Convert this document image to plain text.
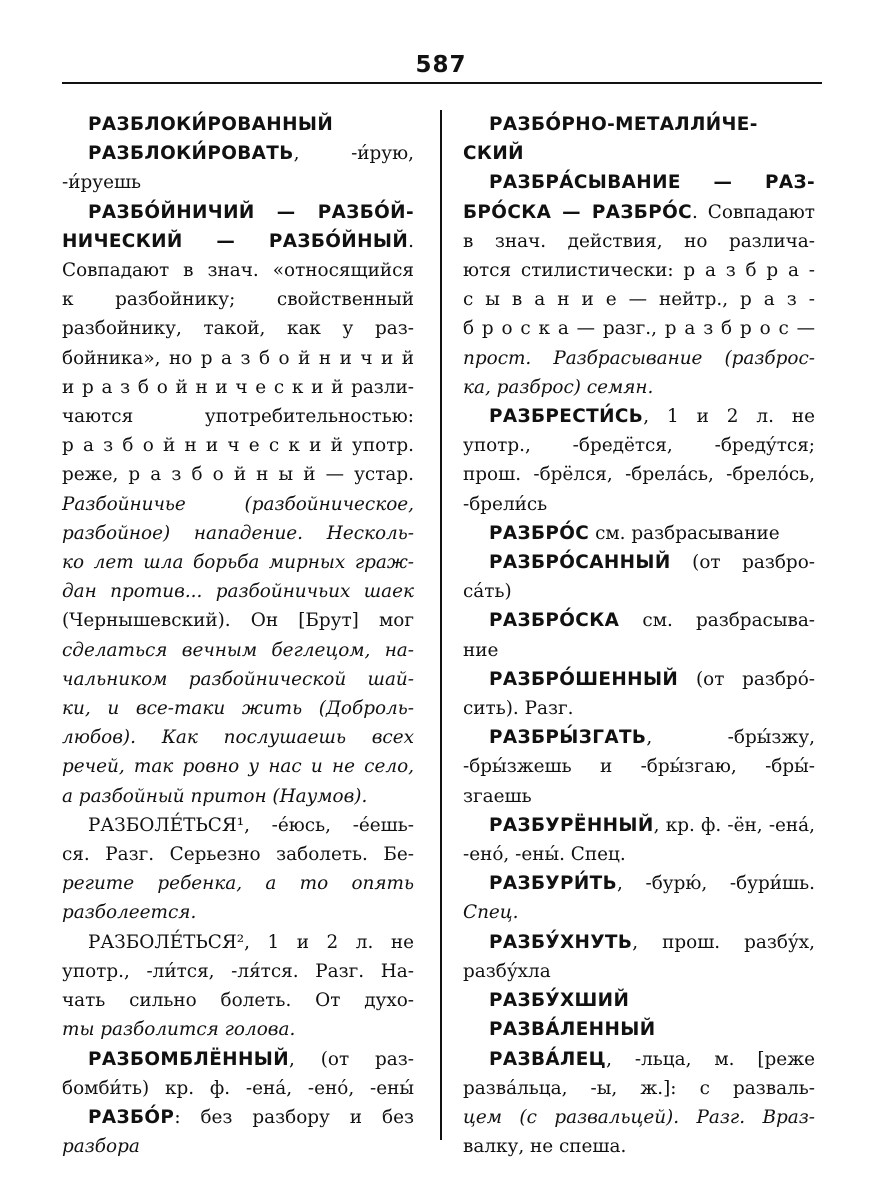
587
РАЗБЛОКИ́РОВАННЫЙ
РАЗБЛОКИ́РОВАТЬ, -и́рую,
-и́руешь
РАЗБО́ЙНИЧИЙ — РАЗБО́Й-
НИЧЕСКИЙ — РАЗБО́ЙНЫЙ.
Совпадают в знач. «относящийся
к разбойнику; свойственный
разбойнику, такой, как у раз-
бойника», но р а з б о й н и ч и й
и р а з б о й н и ч е с к и й разли-
чаются употребительностью:
р а з б о й н и ч е с к и й употр.
реже, р а з б о й н ы й — устар.
Разбойничье (разбойническое,
разбойное) нападение. Несколь-
ко лет шла борьба мирных граж-
дан против... разбойничьих шаек
(Чернышевский). Он [Брут] мог
сделаться вечным беглецом, на-
чальником разбойнической шай-
ки, и все-таки жить (Доброль-
любов). Как послушаешь всех
речей, так ровно у нас и не село,
а разбойный притон (Наумов).
РАЗБОЛЕ́ТЬСЯ¹, -е́юсь, -е́ешь-
ся. Разг. Серьезно заболеть. Бе-
регите ребенка, а то опять
разболеется.
РАЗБОЛЕ́ТЬСЯ², 1 и 2 л. не
употр., -ли́тся, -ля́тся. Разг. На-
чать сильно болеть. От духо-
ты разболится голова.
РАЗБОМБЛЁННЫЙ, (от раз-
бомби́ть) кр. ф. -ена́, -ено́, -ены́
РАЗБО́Р: без разбору и без
разбора
РАЗБО́РНО-МЕТАЛЛИ́ЧЕ-
СКИЙ
РАЗБРА́СЫВАНИЕ — РАЗ-
БРО́СКА — РАЗБРО́С. Совпадают
в знач. действия, но различа-
ются стилистически: р а з б р а -
с ы в а н и е — нейтр., р а з -
б р о с к а — разг., р а з б р о с —
прост. Разбрасывание (разброс-
ка, разброс) семян.
РАЗБРЕСТИ́СЬ, 1 и 2 л. не
употр., -бредётся, -бреду́тся;
прош. -брёлся, -брела́сь, -брело́сь,
-брели́сь
РАЗБРО́С см. разбрасывание
РАЗБРО́САННЫЙ (от разбро-
са́ть)
РАЗБРО́СКА см. разбрасыва-
ние
РАЗБРО́ШЕННЫЙ (от разбро́-
сить). Разг.
РАЗБРЫ́ЗГАТЬ, -бры́зжу,
-бры́зжешь и -бры́згаю, -бры́-
згаешь
РАЗБУРЁННЫЙ, кр. ф. -ён, -ена́,
-ено́, -ены́. Спец.
РАЗБУРИ́ТЬ, -бурю́, -бури́шь.
Спец.
РАЗБУ́ХНУТЬ, прош. разбу́х,
разбу́хла
РАЗБУ́ХШИЙ
РАЗВА́ЛЕННЫЙ
РАЗВА́ЛЕЦ, -льца, м. [реже
разва́льца, -ы, ж.]: с разваль-
цем (с развальцей). Разг. Враз-
валку, не спеша.
